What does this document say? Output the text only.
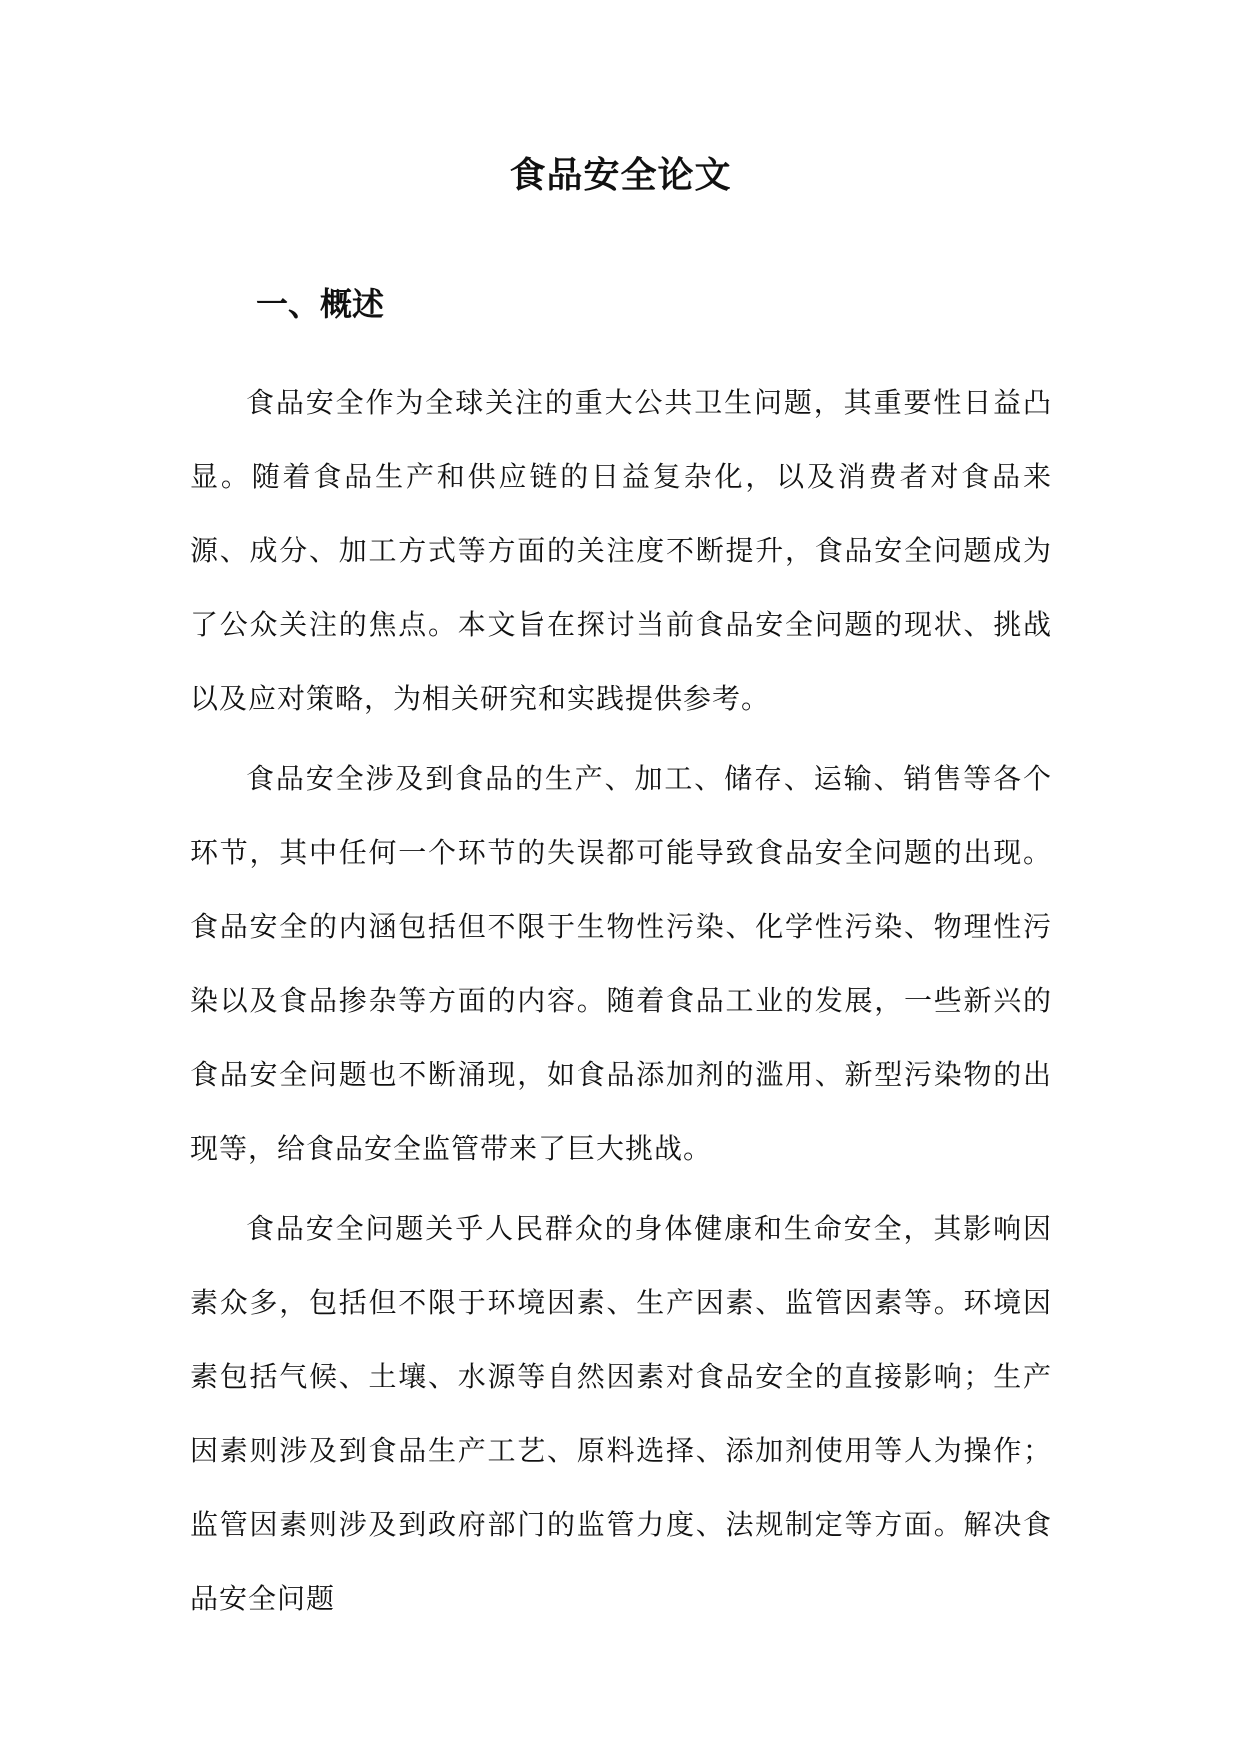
食品安全论文
一、概述

食品安全作为全球关注的重大公共卫生问题，其重要性日益凸显。随着食品生产和供应链的日益复杂化，以及消费者对食品来源、成分、加工方式等方面的关注度不断提升，食品安全问题成为了公众关注的焦点。本文旨在探讨当前食品安全问题的现状、挑战以及应对策略，为相关研究和实践提供参考。

食品安全涉及到食品的生产、加工、储存、运输、销售等各个环节，其中任何一个环节的失误都可能导致食品安全问题的出现。食品安全的内涵包括但不限于生物性污染、化学性污染、物理性污染以及食品掺杂等方面的内容。随着食品工业的发展，一些新兴的食品安全问题也不断涌现，如食品添加剂的滥用、新型污染物的出现等，给食品安全监管带来了巨大挑战。

食品安全问题关乎人民群众的身体健康和生命安全，其影响因素众多，包括但不限于环境因素、生产因素、监管因素等。环境因素包括气候、土壤、水源等自然因素对食品安全的直接影响；生产因素则涉及到食品生产工艺、原料选择、添加剂使用等人为操作；监管因素则涉及到政府部门的监管力度、法规制定等方面。解决食品安全问题
